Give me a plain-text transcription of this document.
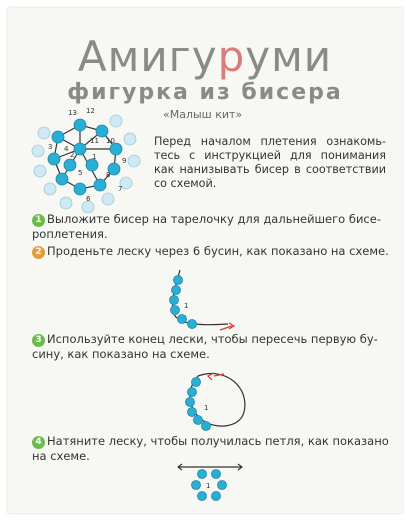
Амигуруми
фигурка из бисера
«Малыш кит»
13 12
11 10
9
8
7
6
5
4
3
2	1
Перед началом плетения ознакомь-тесь с инструкцией для понимания как нанизывать бисер в соответствии со схемой.
1 Выложите бисер на тарелочку для дальнейшего бисе-роплетения.
2 Проденьте леску через 6 бусин, как показано на схеме.
1
3 Используйте конец лески, чтобы пересечь первую бу-сину, как показано на схеме.
1
4 Натяните леску, чтобы получилась петля, как показано на схеме.
1
